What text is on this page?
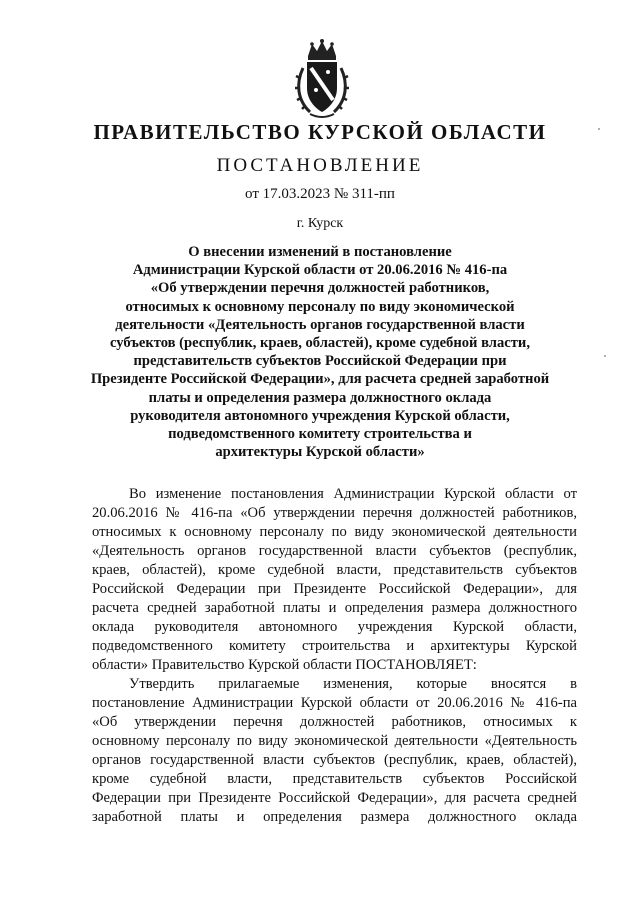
ПРАВИТЕЛЬСТВО КУРСКОЙ ОБЛАСТИ
ПОСТАНОВЛЕНИЕ
от 17.03.2023 № 311-пп
г. Курск
О внесении изменений в постановление
Администрации Курской области от 20.06.2016 № 416-па
«Об утверждении перечня должностей работников,
относимых к основному персоналу по виду экономической
деятельности «Деятельность органов государственной власти
субъектов (республик, краев, областей), кроме судебной власти,
представительств субъектов Российской Федерации при
Президенте Российской Федерации», для расчета средней заработной
платы и определения размера должностного оклада
руководителя автономного учреждения Курской области,
подведомственного комитету строительства и
архитектуры Курской области»
Во изменение постановления Администрации Курской области от
20.06.2016 № 416-па «Об утверждении перечня должностей работников,
относимых к основному персоналу по виду экономической деятельности
«Деятельность органов государственной власти субъектов (республик,
краев, областей), кроме судебной власти, представительств субъектов
Российской Федерации при Президенте Российской Федерации», для
расчета средней заработной платы и определения размера должностного
оклада руководителя автономного учреждения Курской области,
подведомственного комитету строительства и архитектуры Курской
области» Правительство Курской области ПОСТАНОВЛЯЕТ:
Утвердить прилагаемые изменения, которые вносятся в
постановление Администрации Курской области от 20.06.2016 № 416-па
«Об утверждении перечня должностей работников, относимых к
основному персоналу по виду экономической деятельности «Деятельность
органов государственной власти субъектов (республик, краев, областей),
кроме судебной власти, представительств субъектов Российской
Федерации при Президенте Российской Федерации», для расчета средней
заработной платы и определения размера должностного оклада
